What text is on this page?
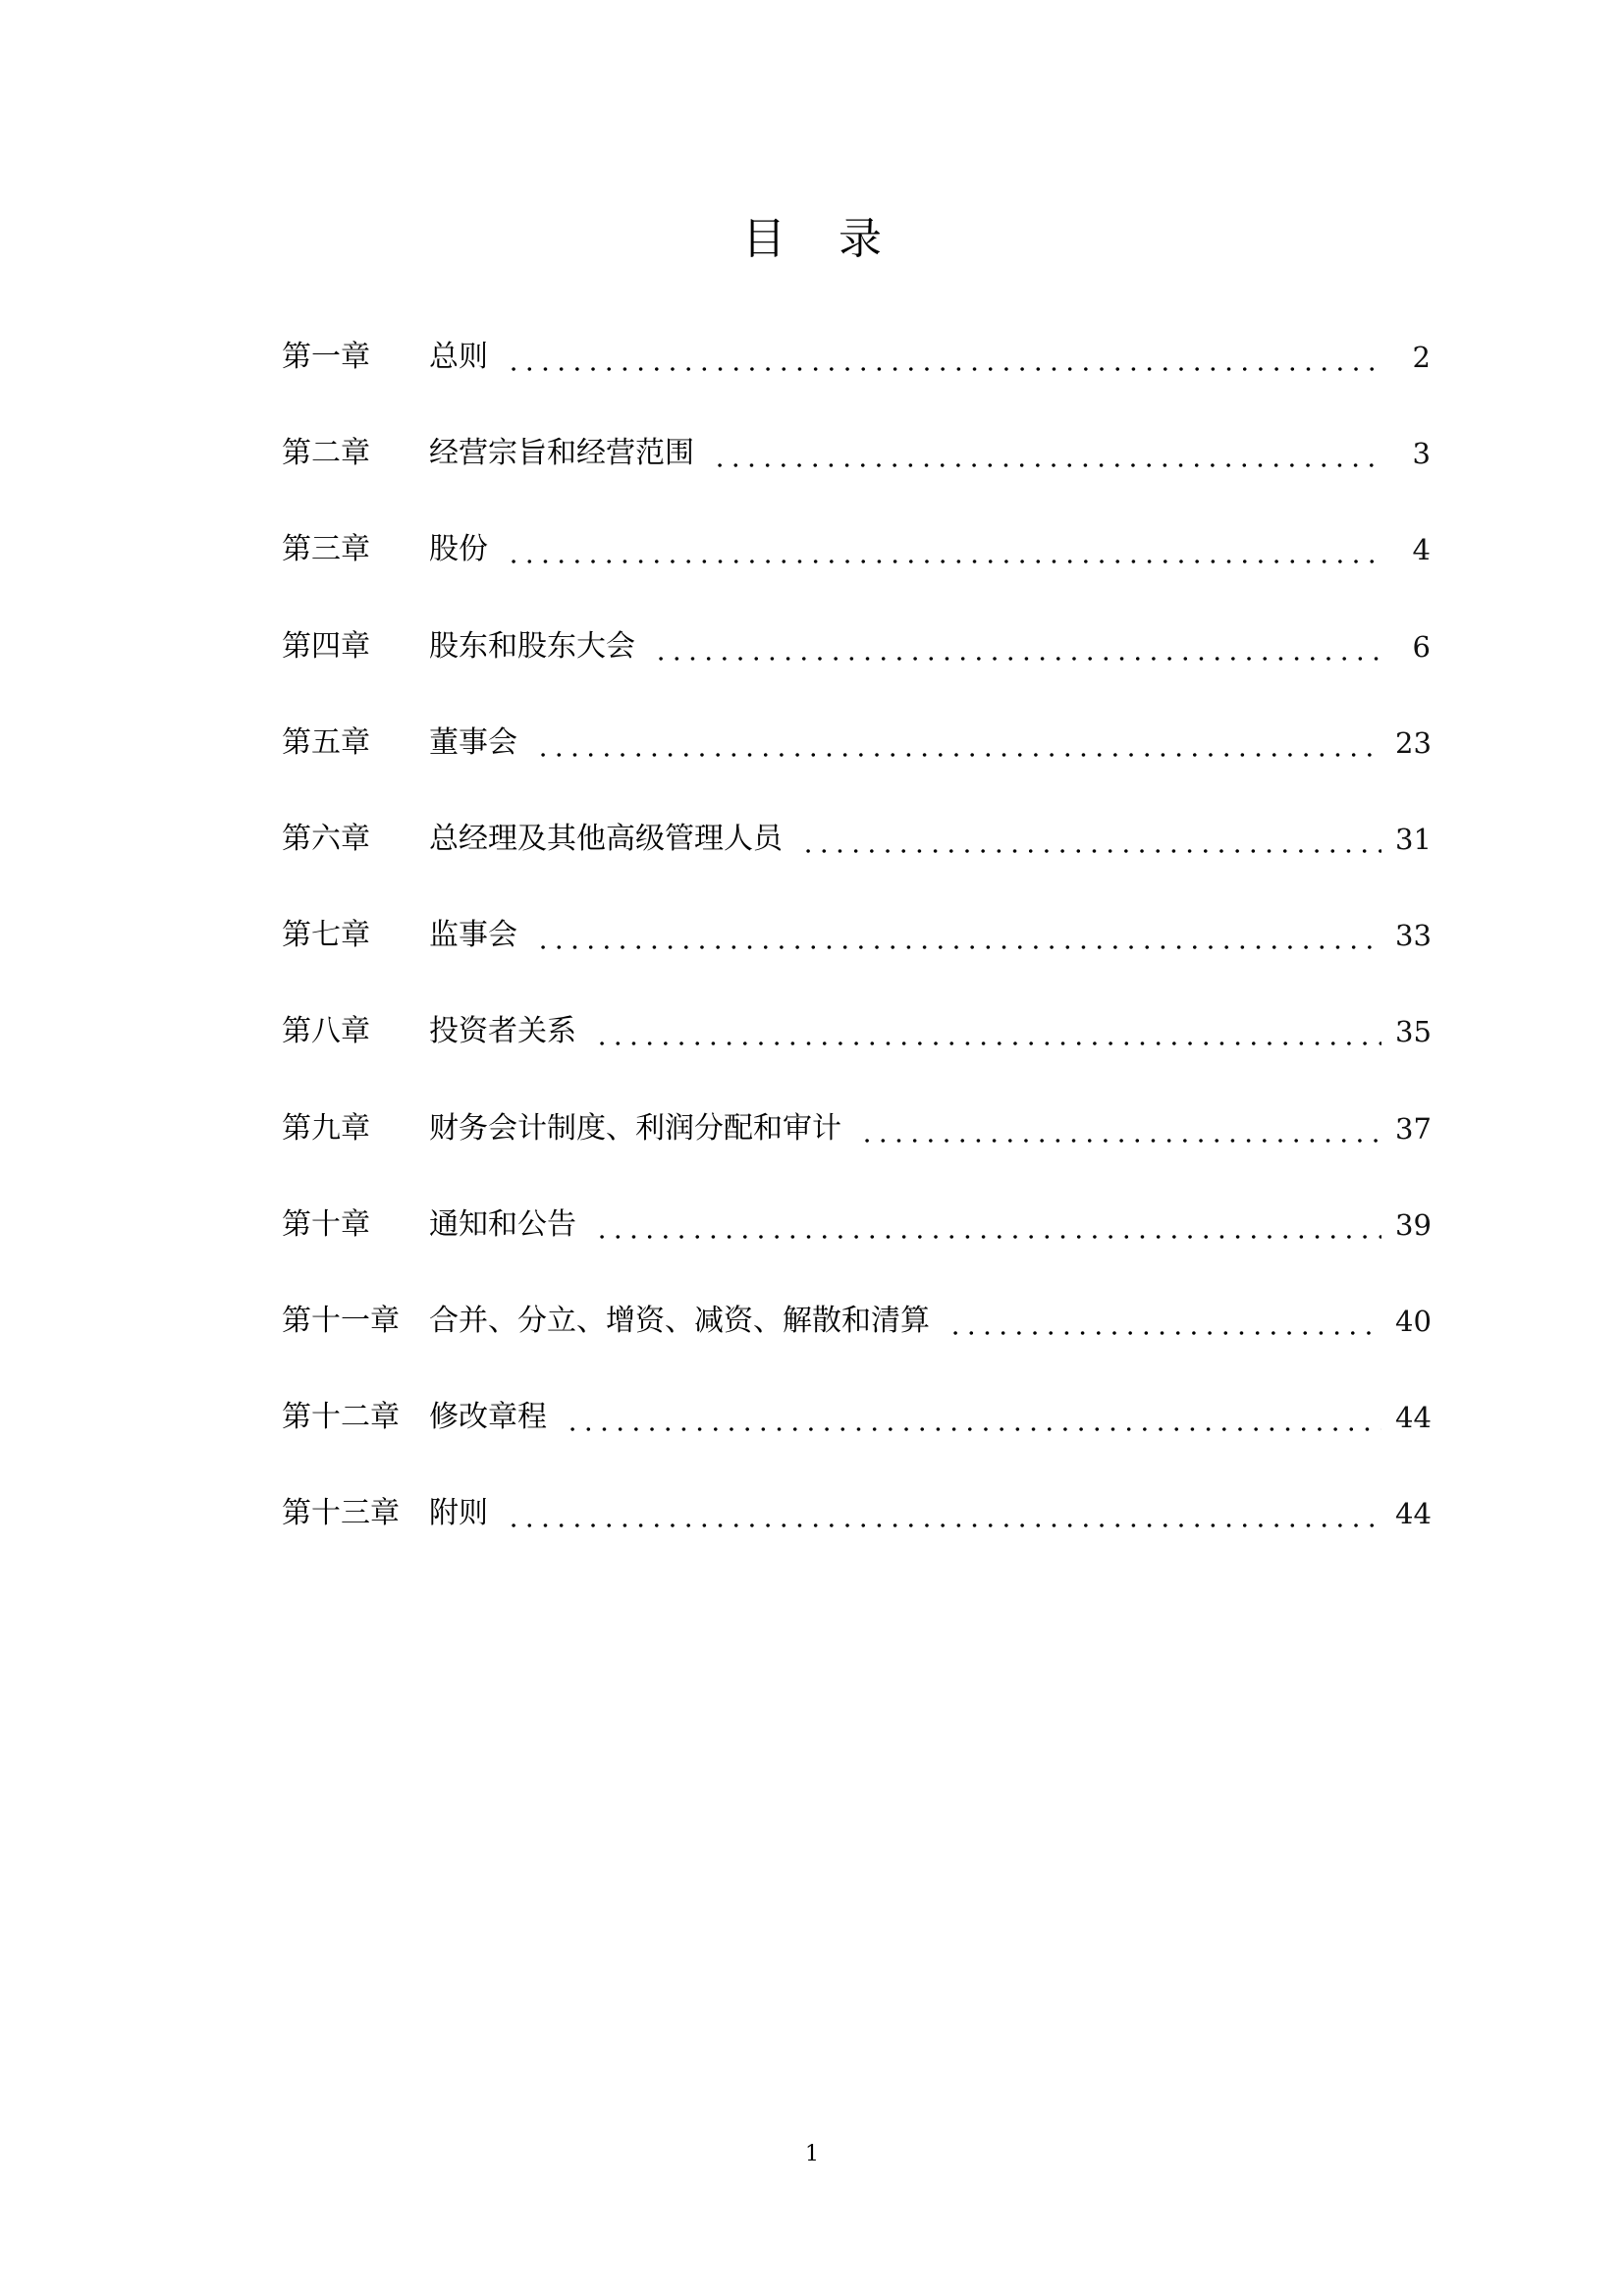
目录
第一章	总则	2
第二章	经营宗旨和经营范围	3
第三章	股份	4
第四章	股东和股东大会	6
第五章	董事会	23
第六章	总经理及其他高级管理人员	31
第七章	监事会	33
第八章	投资者关系	35
第九章	财务会计制度、利润分配和审计	37
第十章	通知和公告	39
第十一章	合并、分立、增资、减资、解散和清算	40
第十二章	修改章程	44
第十三章	附则	44
1
